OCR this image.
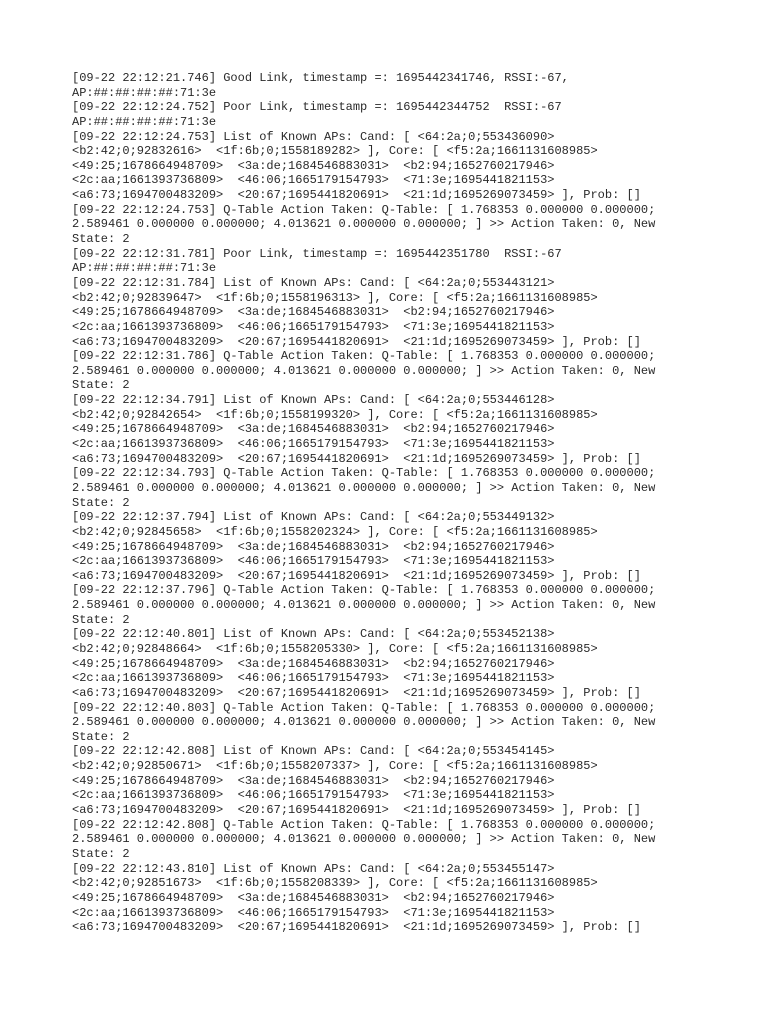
[09-22 22:12:21.746] Good Link, timestamp =: 1695442341746, RSSI:-67,
AP:##:##:##:##:71:3e
[09-22 22:12:24.752] Poor Link, timestamp =: 1695442344752  RSSI:-67
AP:##:##:##:##:71:3e
[09-22 22:12:24.753] List of Known APs: Cand: [ <64:2a;0;553436090>
<b2:42;0;92832616>  <1f:6b;0;1558189282> ], Core: [ <f5:2a;1661131608985>
<49:25;1678664948709>  <3a:de;1684546883031>  <b2:94;1652760217946>
<2c:aa;1661393736809>  <46:06;1665179154793>  <71:3e;1695441821153>
<a6:73;1694700483209>  <20:67;1695441820691>  <21:1d;1695269073459> ], Prob: []
[09-22 22:12:24.753] Q-Table Action Taken: Q-Table: [ 1.768353 0.000000 0.000000;
2.589461 0.000000 0.000000; 4.013621 0.000000 0.000000; ] >> Action Taken: 0, New
State: 2
[09-22 22:12:31.781] Poor Link, timestamp =: 1695442351780  RSSI:-67
AP:##:##:##:##:71:3e
[09-22 22:12:31.784] List of Known APs: Cand: [ <64:2a;0;553443121>
<b2:42;0;92839647>  <1f:6b;0;1558196313> ], Core: [ <f5:2a;1661131608985>
<49:25;1678664948709>  <3a:de;1684546883031>  <b2:94;1652760217946>
<2c:aa;1661393736809>  <46:06;1665179154793>  <71:3e;1695441821153>
<a6:73;1694700483209>  <20:67;1695441820691>  <21:1d;1695269073459> ], Prob: []
[09-22 22:12:31.786] Q-Table Action Taken: Q-Table: [ 1.768353 0.000000 0.000000;
2.589461 0.000000 0.000000; 4.013621 0.000000 0.000000; ] >> Action Taken: 0, New
State: 2
[09-22 22:12:34.791] List of Known APs: Cand: [ <64:2a;0;553446128>
<b2:42;0;92842654>  <1f:6b;0;1558199320> ], Core: [ <f5:2a;1661131608985>
<49:25;1678664948709>  <3a:de;1684546883031>  <b2:94;1652760217946>
<2c:aa;1661393736809>  <46:06;1665179154793>  <71:3e;1695441821153>
<a6:73;1694700483209>  <20:67;1695441820691>  <21:1d;1695269073459> ], Prob: []
[09-22 22:12:34.793] Q-Table Action Taken: Q-Table: [ 1.768353 0.000000 0.000000;
2.589461 0.000000 0.000000; 4.013621 0.000000 0.000000; ] >> Action Taken: 0, New
State: 2
[09-22 22:12:37.794] List of Known APs: Cand: [ <64:2a;0;553449132>
<b2:42;0;92845658>  <1f:6b;0;1558202324> ], Core: [ <f5:2a;1661131608985>
<49:25;1678664948709>  <3a:de;1684546883031>  <b2:94;1652760217946>
<2c:aa;1661393736809>  <46:06;1665179154793>  <71:3e;1695441821153>
<a6:73;1694700483209>  <20:67;1695441820691>  <21:1d;1695269073459> ], Prob: []
[09-22 22:12:37.796] Q-Table Action Taken: Q-Table: [ 1.768353 0.000000 0.000000;
2.589461 0.000000 0.000000; 4.013621 0.000000 0.000000; ] >> Action Taken: 0, New
State: 2
[09-22 22:12:40.801] List of Known APs: Cand: [ <64:2a;0;553452138>
<b2:42;0;92848664>  <1f:6b;0;1558205330> ], Core: [ <f5:2a;1661131608985>
<49:25;1678664948709>  <3a:de;1684546883031>  <b2:94;1652760217946>
<2c:aa;1661393736809>  <46:06;1665179154793>  <71:3e;1695441821153>
<a6:73;1694700483209>  <20:67;1695441820691>  <21:1d;1695269073459> ], Prob: []
[09-22 22:12:40.803] Q-Table Action Taken: Q-Table: [ 1.768353 0.000000 0.000000;
2.589461 0.000000 0.000000; 4.013621 0.000000 0.000000; ] >> Action Taken: 0, New
State: 2
[09-22 22:12:42.808] List of Known APs: Cand: [ <64:2a;0;553454145>
<b2:42;0;92850671>  <1f:6b;0;1558207337> ], Core: [ <f5:2a;1661131608985>
<49:25;1678664948709>  <3a:de;1684546883031>  <b2:94;1652760217946>
<2c:aa;1661393736809>  <46:06;1665179154793>  <71:3e;1695441821153>
<a6:73;1694700483209>  <20:67;1695441820691>  <21:1d;1695269073459> ], Prob: []
[09-22 22:12:42.808] Q-Table Action Taken: Q-Table: [ 1.768353 0.000000 0.000000;
2.589461 0.000000 0.000000; 4.013621 0.000000 0.000000; ] >> Action Taken: 0, New
State: 2
[09-22 22:12:43.810] List of Known APs: Cand: [ <64:2a;0;553455147>
<b2:42;0;92851673>  <1f:6b;0;1558208339> ], Core: [ <f5:2a;1661131608985>
<49:25;1678664948709>  <3a:de;1684546883031>  <b2:94;1652760217946>
<2c:aa;1661393736809>  <46:06;1665179154793>  <71:3e;1695441821153>
<a6:73;1694700483209>  <20:67;1695441820691>  <21:1d;1695269073459> ], Prob: []
